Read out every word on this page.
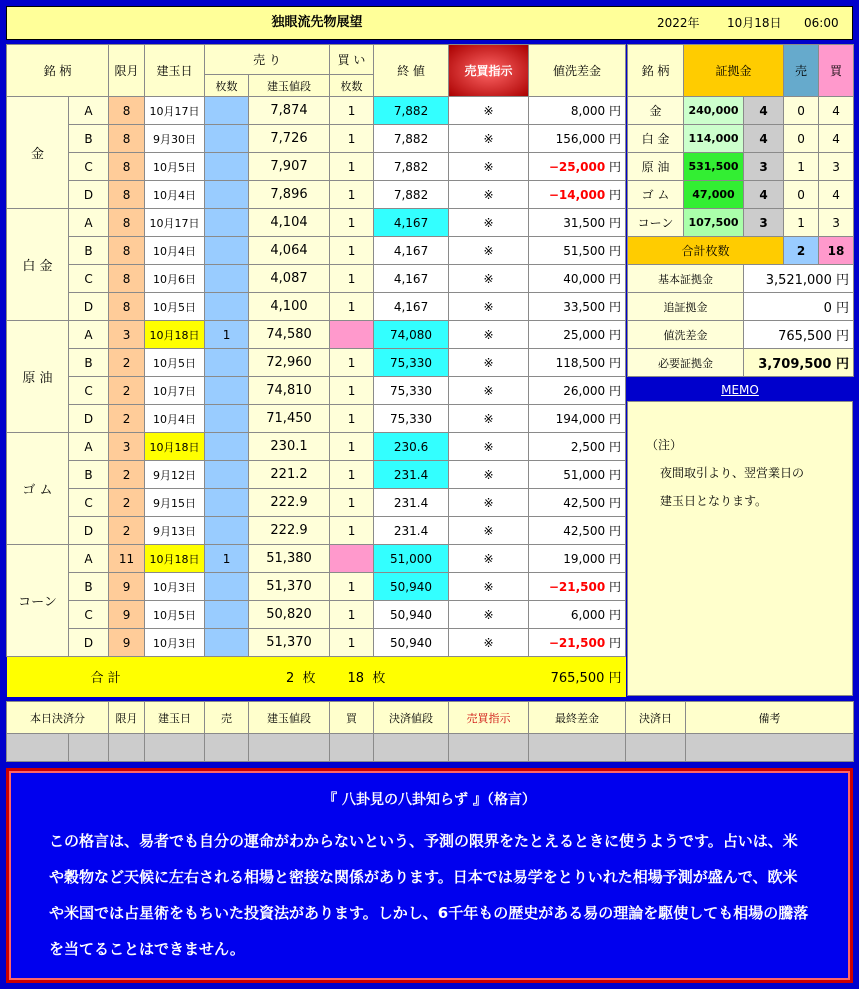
独眼流先物展望	2022年 10月18日 06:00
銘 柄		限月	建玉日	売 り		買 い	終 値	売買指示	値洗差金
				枚数	建玉値段	枚数			
金	A	8	10月17日		7,874	1	7,882	※	8,000 円
	B	8	9月30日		7,726	1	7,882	※	156,000 円
	C	8	10月5日		7,907	1	7,882	※	−25,000 円
	D	8	10月4日		7,896	1	7,882	※	−14,000 円
白 金	A	8	10月17日		4,104	1	4,167	※	31,500 円
	B	8	10月4日		4,064	1	4,167	※	51,500 円
	C	8	10月6日		4,087	1	4,167	※	40,000 円
	D	8	10月5日		4,100	1	4,167	※	33,500 円
原 油	A	3	10月18日	1	74,580		74,080	※	25,000 円
	B	2	10月5日		72,960	1	75,330	※	118,500 円
	C	2	10月7日		74,810	1	75,330	※	26,000 円
	D	2	10月4日		71,450	1	75,330	※	194,000 円
ゴ ム	A	3	10月18日		230.1	1	230.6	※	2,500 円
	B	2	9月12日		221.2	1	231.4	※	51,000 円
	C	2	9月15日		222.9	1	231.4	※	42,500 円
	D	2	9月13日		222.9	1	231.4	※	42,500 円
コーン	A	11	10月18日	1	51,380		51,000	※	19,000 円
	B	9	10月3日		51,370	1	50,940	※	−21,500 円
	C	9	10月5日		50,820	1	50,940	※	6,000 円
	D	9	10月3日		51,370	1	50,940	※	−21,500 円
合 計				2 枚		18 枚			765,500 円
銘 柄	証拠金		売	買
金	240,000	4	0	4
白 金	114,000	4	0	4
原 油	531,500	3	1	3
ゴ ム	47,000	4	0	4
コーン	107,500	3	1	3
合計枚数			2	18
基本証拠金		3,521,000 円		
追証拠金		0 円		
値洗差金		765,500 円		
必要証拠金		3,709,500 円		
MEMO
（注）
夜間取引より、翌営業日の
建玉日となります。
本日決済分		限月	建玉日	売	建玉値段	買	決済値段	売買指示	最終差金	決済日	備考

『 八卦見の八卦知らず 』（格言）
この格言は、易者でも自分の運命がわからないという、予測の限界をたとえるときに使うようです。占いは、米や穀物など天候に左右される相場と密接な関係があります。日本では易学をとりいれた相場予測が盛んで、欧米や米国では占星術をもちいた投資法があります。しかし、6千年もの歴史がある易の理論を駆使しても相場の騰落を当てることはできません。
